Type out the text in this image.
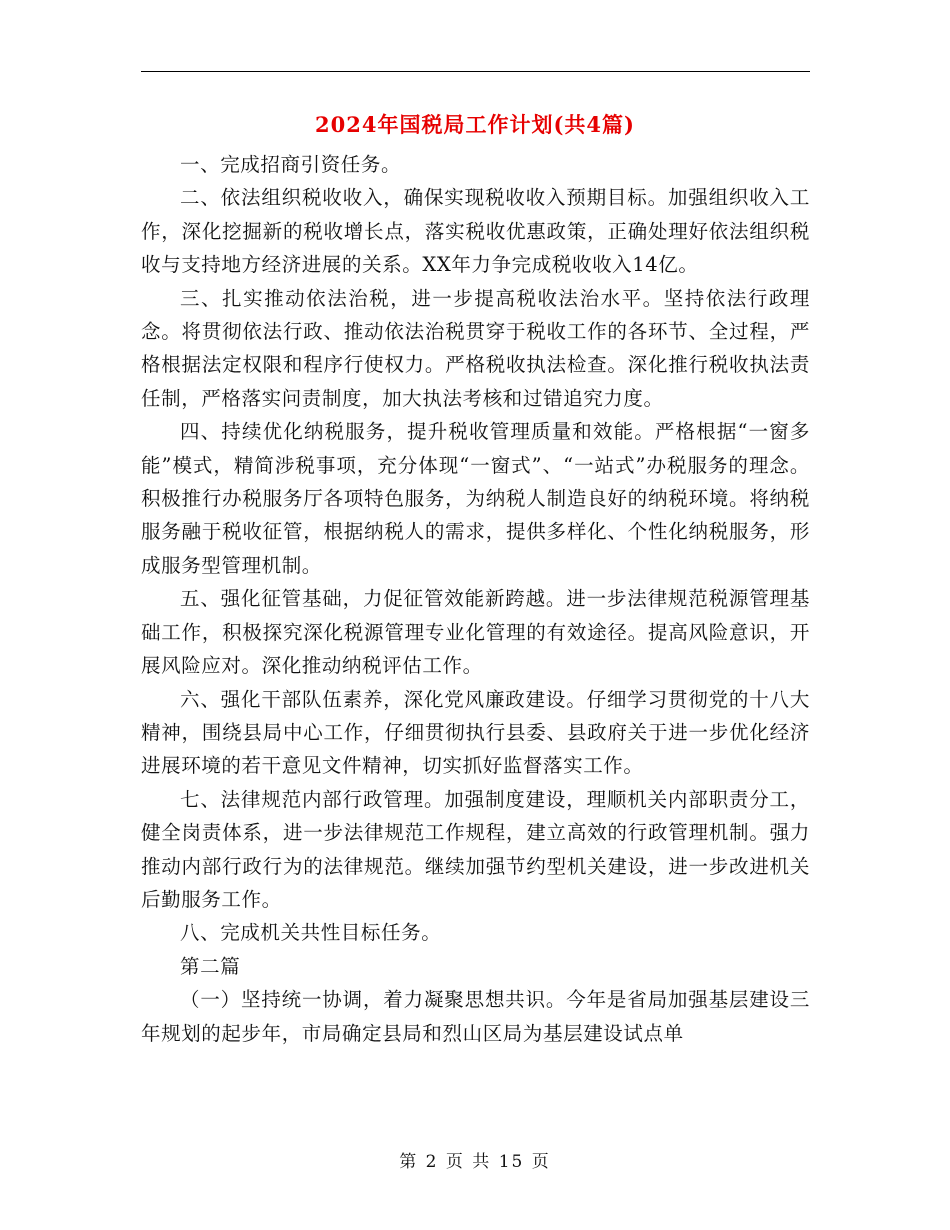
2024年国税局工作计划(共4篇)

一、完成招商引资任务。

二、依法组织税收收入，确保实现税收收入预期目标。加强组织收入工作，深化挖掘新的税收增长点，落实税收优惠政策，正确处理好依法组织税收与支持地方经济进展的关系。XX年力争完成税收收入14亿。

三、扎实推动依法治税，进一步提高税收法治水平。坚持依法行政理念。将贯彻依法行政、推动依法治税贯穿于税收工作的各环节、全过程，严格根据法定权限和程序行使权力。严格税收执法检查。深化推行税收执法责任制，严格落实问责制度，加大执法考核和过错追究力度。

四、持续优化纳税服务，提升税收管理质量和效能。严格根据“一窗多能”模式，精简涉税事项，充分体现“一窗式”、“一站式”办税服务的理念。积极推行办税服务厅各项特色服务，为纳税人制造良好的纳税环境。将纳税服务融于税收征管，根据纳税人的需求，提供多样化、个性化纳税服务，形成服务型管理机制。

五、强化征管基础，力促征管效能新跨越。进一步法律规范税源管理基础工作，积极探究深化税源管理专业化管理的有效途径。提高风险意识，开展风险应对。深化推动纳税评估工作。

六、强化干部队伍素养，深化党风廉政建设。仔细学习贯彻党的十八大精神，围绕县局中心工作，仔细贯彻执行县委、县政府关于进一步优化经济进展环境的若干意见文件精神，切实抓好监督落实工作。

七、法律规范内部行政管理。加强制度建设，理顺机关内部职责分工，健全岗责体系，进一步法律规范工作规程，建立高效的行政管理机制。强力推动内部行政行为的法律规范。继续加强节约型机关建设，进一步改进机关后勤服务工作。

八、完成机关共性目标任务。

第二篇

（一）坚持统一协调，着力凝聚思想共识。今年是省局加强基层建设三年规划的起步年，市局确定县局和烈山区局为基层建设试点单

第 2 页 共 15 页
